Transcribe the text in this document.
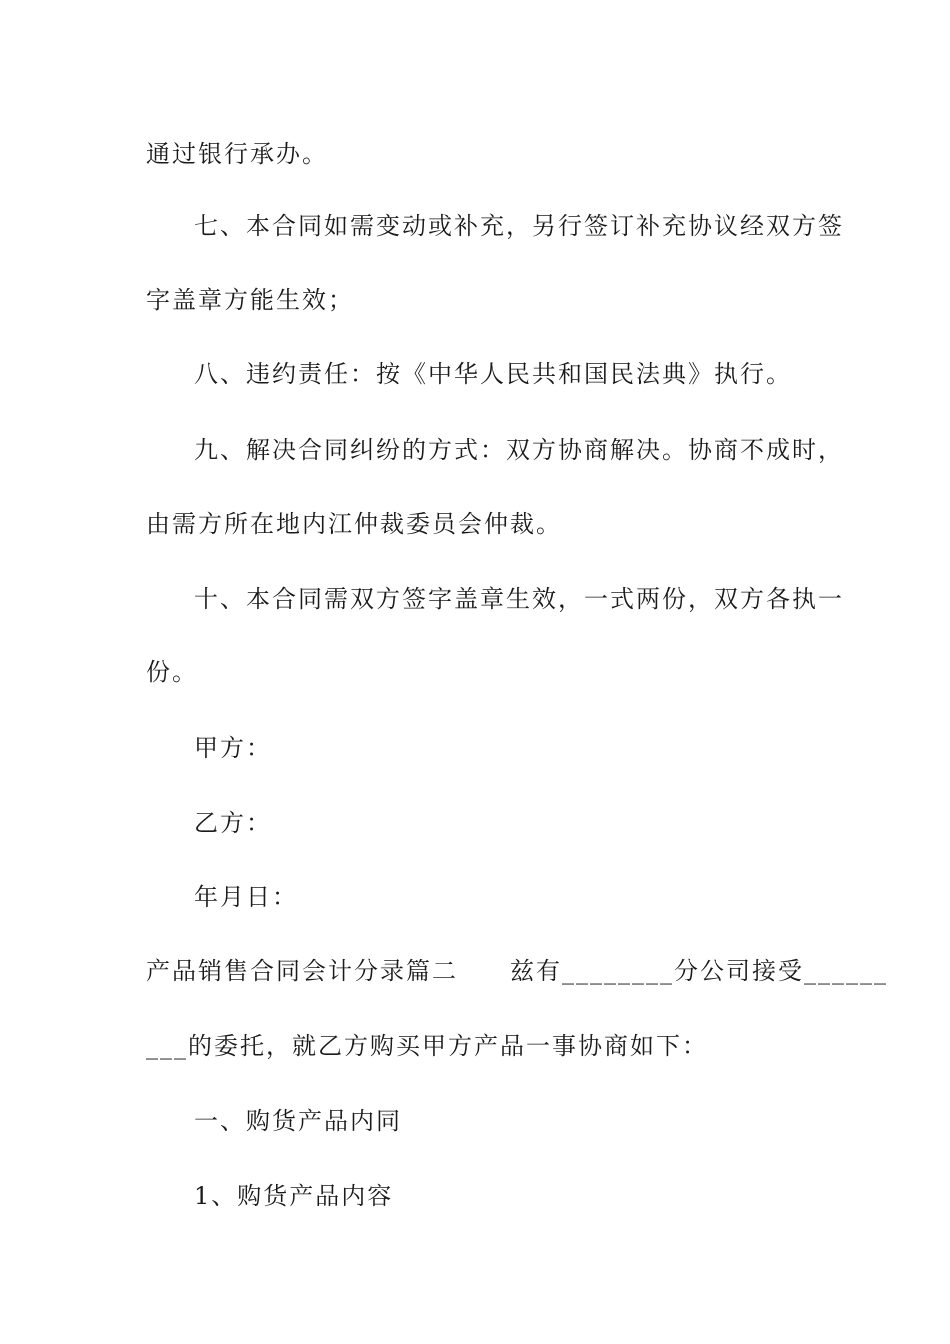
通过银行承办。
七、本合同如需变动或补充，另行签订补充协议经双方签
字盖章方能生效；
八、违约责任：按《中华人民共和国民法典》执行。
九、解决合同纠纷的方式：双方协商解决。协商不成时，
由需方所在地内江仲裁委员会仲裁。
十、本合同需双方签字盖章生效，一式两份，双方各执一
份。
甲方：
乙方：
年月日：
产品销售合同会计分录篇二　　兹有________分公司接受______
___的委托，就乙方购买甲方产品一事协商如下：
一、购货产品内同
1、购货产品内容
